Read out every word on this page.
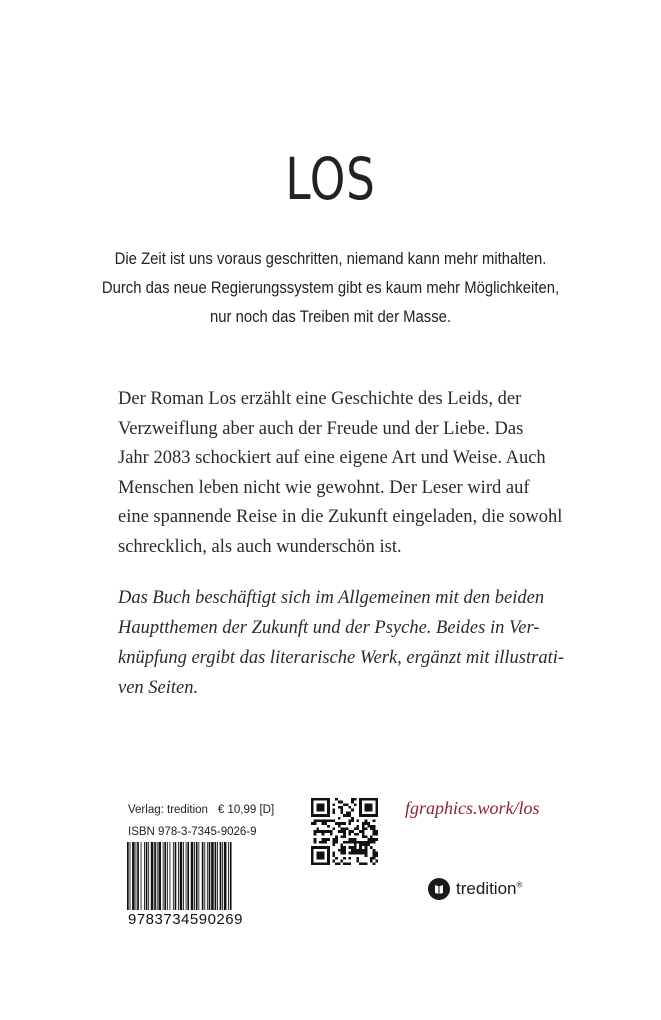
LOS
Die Zeit ist uns voraus geschritten, niemand kann mehr mithalten.
Durch das neue Regierungssystem gibt es kaum mehr Möglichkeiten,
nur noch das Treiben mit der Masse.
Der Roman Los erzählt eine Geschichte des Leids, der
Verzweiflung aber auch der Freude und der Liebe. Das
Jahr 2083 schockiert auf eine eigene Art und Weise. Auch
Menschen leben nicht wie gewohnt. Der Leser wird auf
eine spannende Reise in die Zukunft eingeladen, die sowohl
schrecklich, als auch wunderschön ist.
Das Buch beschäftigt sich im Allgemeinen mit den beiden
Hauptthemen der Zukunft und der Psyche. Beides in Ver-
knüpfung ergibt das literarische Werk, ergänzt mit illustrati-
ven Seiten.
Verlag: tredition € 10,99 [D]
ISBN 978-3-7345-9026-9
9783734590269
fgraphics.work/los
tredition®
